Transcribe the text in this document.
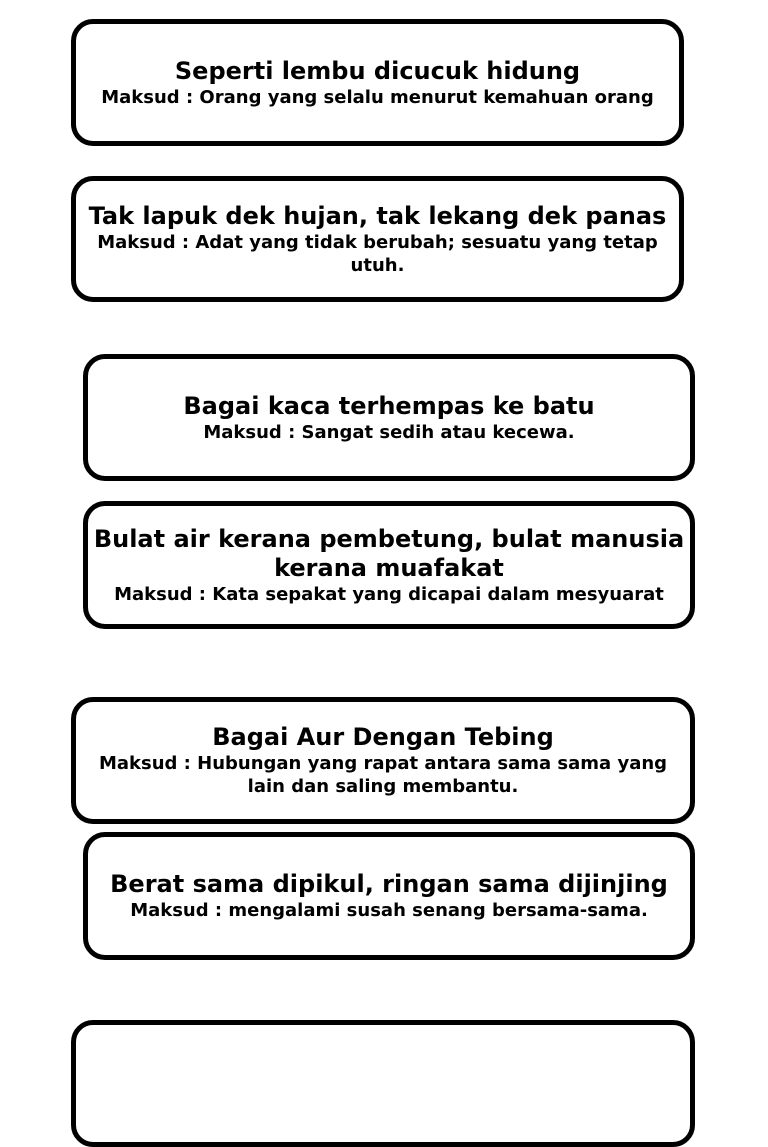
Seperti lembu dicucuk hidung
Maksud : Orang yang selalu menurut kemahuan orang
Tak lapuk dek hujan, tak lekang dek panas
Maksud : Adat yang tidak berubah; sesuatu yang tetap utuh.
Bagai kaca terhempas ke batu
Maksud : Sangat sedih atau kecewa.
Bulat air kerana pembetung, bulat manusia kerana muafakat
Maksud : Kata sepakat yang dicapai dalam mesyuarat
Bagai Aur Dengan Tebing
Maksud : Hubungan yang rapat antara sama sama yang lain dan saling membantu.
Berat sama dipikul, ringan sama dijinjing
Maksud : mengalami susah senang bersama-sama.
